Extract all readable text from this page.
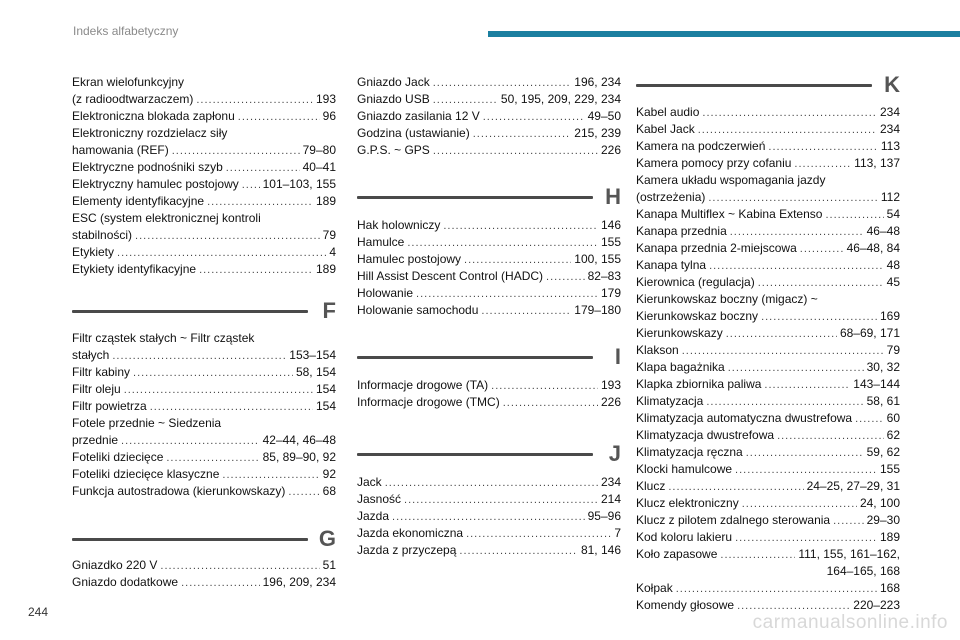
Indeks alfabetyczny
Ekran wielofunkcyjny
(z radioodtwarzaczem) .....	193
Elektroniczna blokada zapłonu .....	96
Elektroniczny rozdzielacz siły
hamowania (REF) .....	79–80
Elektryczne podnośniki szyb .....	40–41
Elektryczny hamulec postojowy ..... 101–103, 155
Elementy identyfikacyjne .....	189
ESC (system elektronicznej kontroli
stabilności) .....	79
Etykiety .....	4
Etykiety identyfikacyjne .....	189
F
Filtr cząstek stałych ~ Filtr cząstek
stałych .....	153–154
Filtr kabiny .....	58, 154
Filtr oleju .....	154
Filtr powietrza .....	154
Fotele przednie ~ Siedzenia
przednie .....	42–44, 46–48
Foteliki dziecięce .....	85, 89–90, 92
Foteliki dziecięce klasyczne .....	92
Funkcja autostradowa (kierunkowskazy) .....	68
G
Gniazdko 220 V .....	51
Gniazdo dodatkowe .....	196, 209, 234
Gniazdo Jack .....	196, 234
Gniazdo USB .....	50, 195, 209, 229, 234
Gniazdo zasilania 12 V .....	49–50
Godzina (ustawianie) .....	215, 239
G.P.S. ~ GPS .....	226
H
Hak holowniczy .....	146
Hamulce .....	155
Hamulec postojowy .....	100, 155
Hill Assist Descent Control (HADC) .....	82–83
Holowanie .....	179
Holowanie samochodu .....	179–180
I
Informacje drogowe (TA) .....	193
Informacje drogowe (TMC) .....	226
J
Jack .....	234
Jasność .....	214
Jazda .....	95–96
Jazda ekonomiczna .....	7
Jazda z przyczepą .....	81, 146
K
Kabel audio .....	234
Kabel Jack .....	234
Kamera na podczerwień .....	113
Kamera pomocy przy cofaniu .....	113, 137
Kamera układu wspomagania jazdy
(ostrzeżenia) .....	112
Kanapa Multiflex ~ Kabina Extenso .....	54
Kanapa przednia .....	46–48
Kanapa przednia 2-miejscowa .....	46–48, 84
Kanapa tylna .....	48
Kierownica (regulacja) .....	45
Kierunkowskaz boczny (migacz) ~
Kierunkowskaz boczny .....	169
Kierunkowskazy .....	68–69, 171
Klakson .....	79
Klapa bagażnika .....	30, 32
Klapka zbiornika paliwa .....	143–144
Klimatyzacja .....	58, 61
Klimatyzacja automatyczna dwustrefowa .....	60
Klimatyzacja dwustrefowa .....	62
Klimatyzacja ręczna .....	59, 62
Klocki hamulcowe .....	155
Klucz .....	24–25, 27–29, 31
Klucz elektroniczny .....	24, 100
Klucz z pilotem zdalnego sterowania .....	29–30
Kod koloru lakieru .....	189
Koło zapasowe .....	111, 155, 161–162,
164–165, 168
Kołpak .....	168
Komendy głosowe .....	220–223
244	carmanualsonline.info
